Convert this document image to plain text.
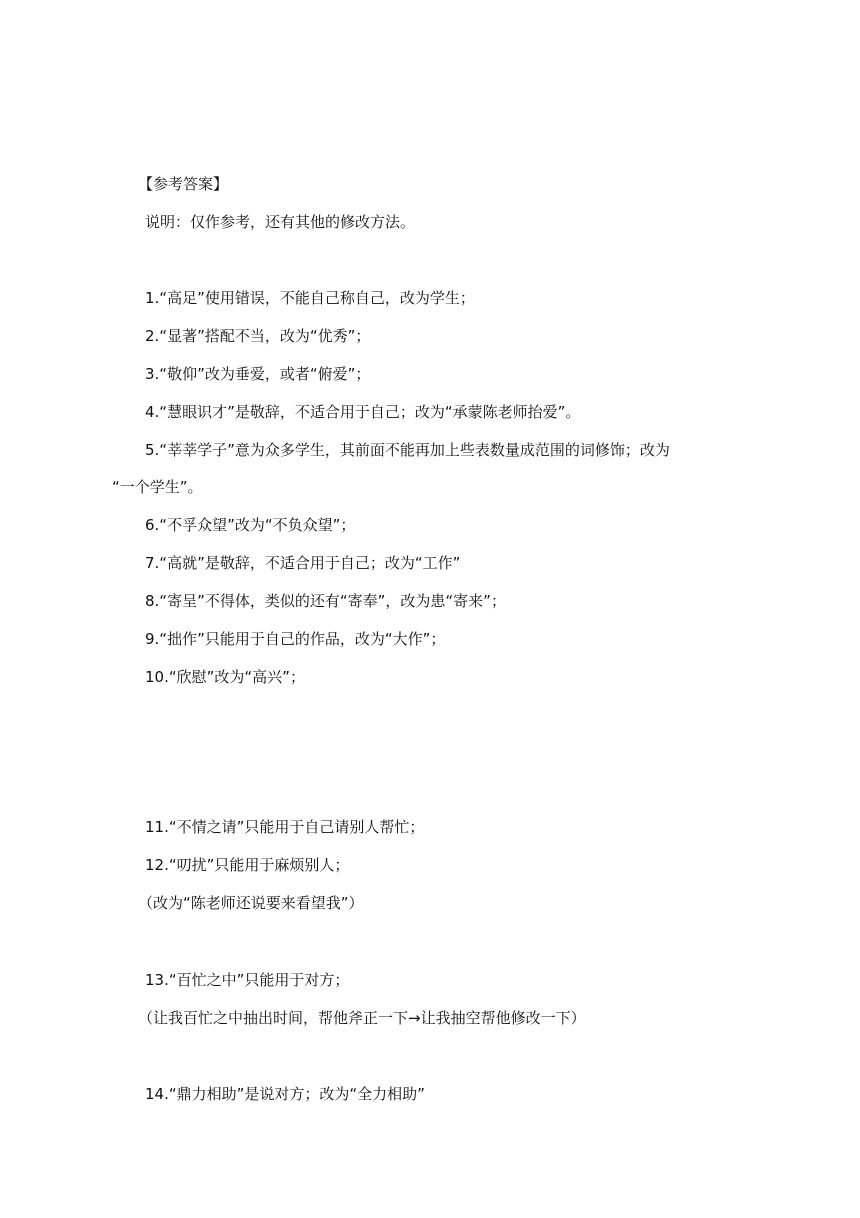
【参考答案】
说明：仅作参考，还有其他的修改方法。
1.“高足”使用错误，不能自己称自己，改为学生；
2.“显著”搭配不当，改为“优秀”；
3.“敬仰”改为垂爱，或者“俯爱”；
4.“慧眼识才”是敬辞，不适合用于自己；改为“承蒙陈老师抬爱”。
5.“莘莘学子”意为众多学生，其前面不能再加上些表数量成范围的词修饰；改为
“一个学生”。
6.“不孚众望”改为“不负众望”；
7.“高就”是敬辞，不适合用于自己；改为“工作”
8.“寄呈”不得体，类似的还有“寄奉”，改为患“寄来”；
9.“拙作”只能用于自己的作品，改为“大作”；
10.“欣慰”改为“高兴”；
11.“不情之请”只能用于自己请别人帮忙；
12.“叨扰”只能用于麻烦别人；
（改为“陈老师还说要来看望我”）
13.“百忙之中”只能用于对方；
（让我百忙之中抽出时间，帮他斧正一下→让我抽空帮他修改一下）
14.“鼎力相助”是说对方；改为“全力相助”
